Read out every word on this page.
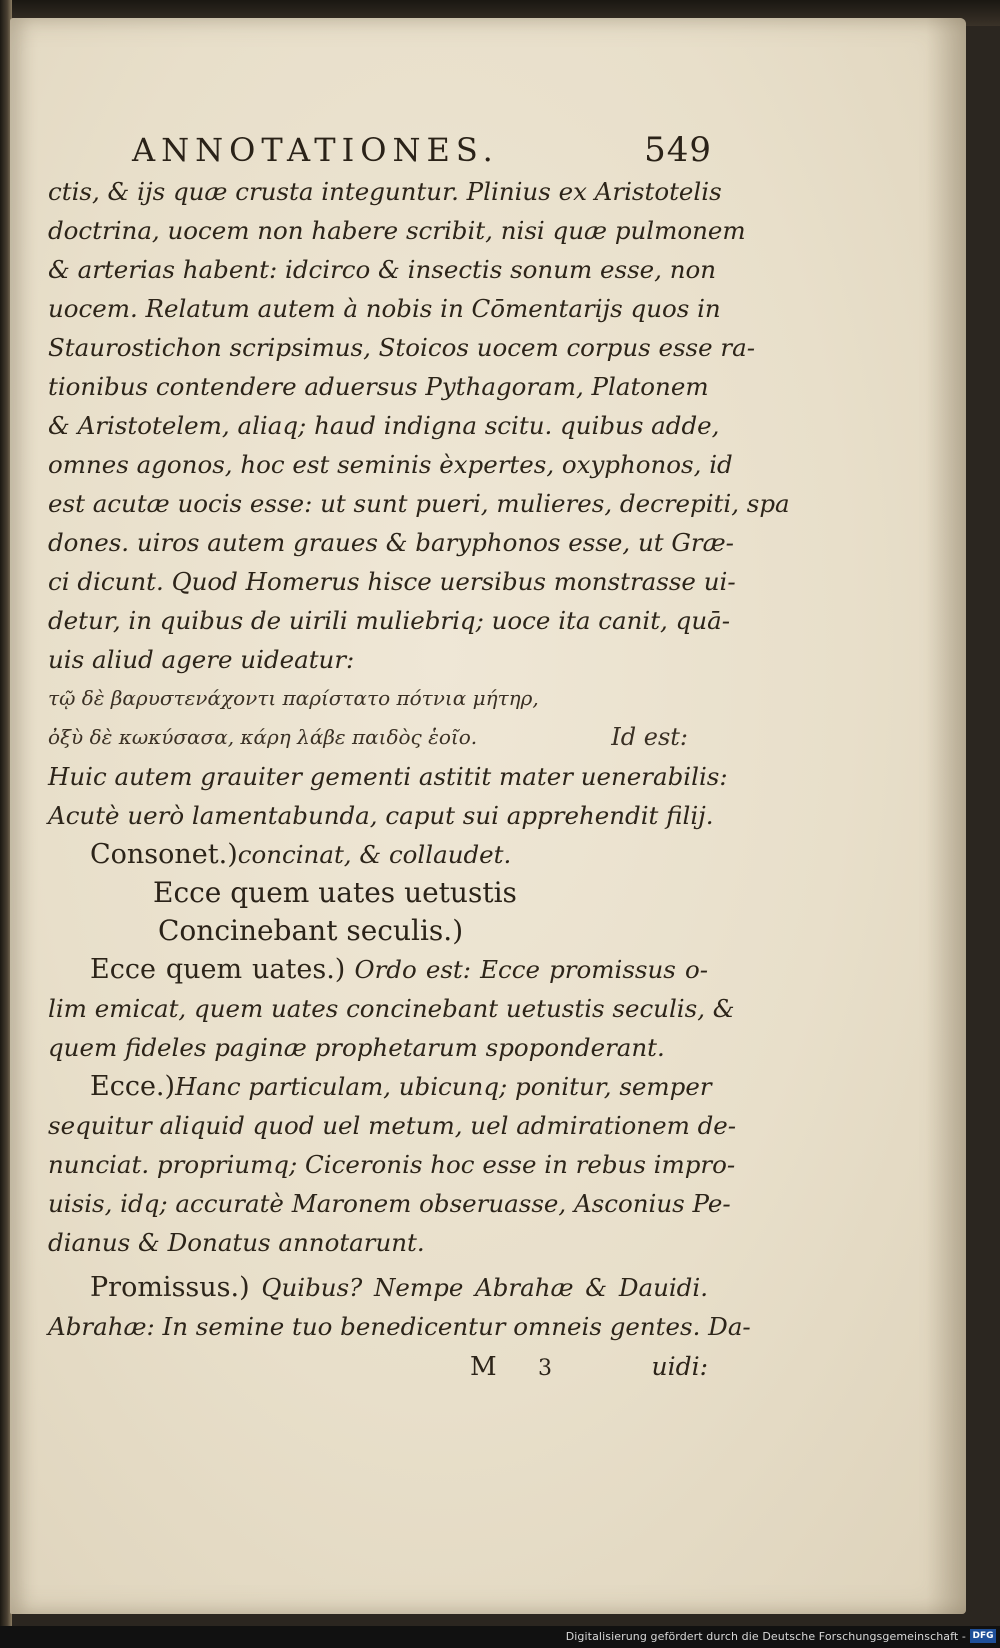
ANNOTATIONES.	549
ctis, & ijs quæ crusta integuntur. Plinius ex Aristotelis
doctrina, uocem non habere scribit, nisi quæ pulmonem
& arterias habent: idcirco & insectis sonum esse, non
uocem. Relatum autem à nobis in Cōmentarijs quos in
Staurostichon scripsimus, Stoicos uocem corpus esse ra-
tionibus contendere aduersus Pythagoram, Platonem
& Aristotelem, aliaq; haud indigna scitu. quibus adde,
omnes agonos, hoc est seminis èxpertes, oxyphonos, id
est acutæ uocis esse: ut sunt pueri, mulieres, decrepiti, spa
dones. uiros autem graues & baryphonos esse, ut Græ-
ci dicunt. Quod Homerus hisce uersibus monstrasse ui-
detur, in quibus de uirili muliebriq; uoce ita canit, quā-
uis aliud agere uideatur:
τῷ δὲ βαρυστενάχοντι παρίστατο πότνια μήτηρ,
ὀξὺ δὲ κωκύσασα, κάρη λάβε παιδὸς ἑοῖο.	Id est:
Huic autem grauiter gementi astitit mater uenerabilis:
Acutè uerò lamentabunda, caput sui apprehendit filij.
Consonet.)concinat, & collaudet.
Ecce quem uates uetustis
Concinebant seculis.)
Ecce quem uates.) Ordo est: Ecce promissus o-
lim emicat, quem uates concinebant uetustis seculis, &
quem fideles paginæ prophetarum spoponderant.
Ecce.)Hanc particulam, ubicunq; ponitur, semper
sequitur aliquid quod uel metum, uel admirationem de-
nunciat. propriumq; Ciceronis hoc esse in rebus impro-
uisis, idq; accuratè Maronem obseruasse, Asconius Pe-
dianus & Donatus annotarunt.
Promissus.) Quibus? Nempe Abrahæ & Dauidi.
Abrahæ: In semine tuo benedicentur omneis gentes. Da-
M 3	uidi:
Digitalisierung gefördert durch die Deutsche Forschungsgemeinschaft - DFG
